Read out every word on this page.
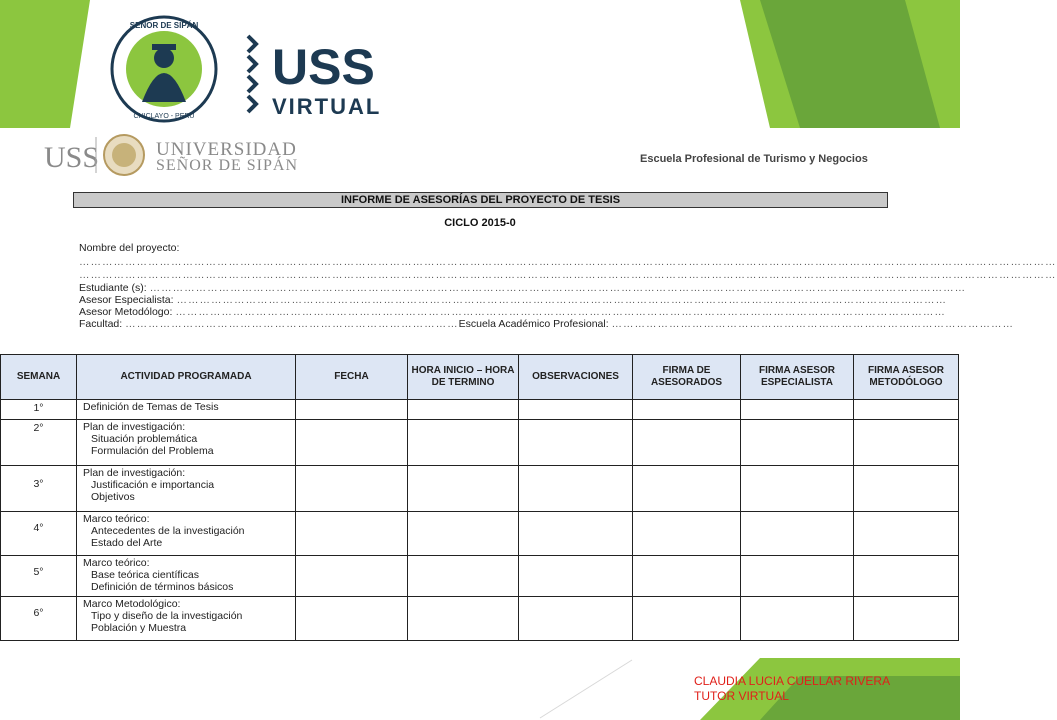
SEÑOR DE SIPÁN
CHICLAYO - PERÚ
USS
VIRTUAL
USS	UNIVERSIDAD
SEÑOR DE SIPÁN	Escuela Profesional de Turismo y Negocios
INFORME DE ASESORÍAS DEL PROYECTO DE TESIS
CICLO 2015-0
Nombre del proyecto:
…………………………………………………………………………………………………………………………………………………………………………………………………………………………………
…………………………………………………………………………………………………………………………………………………………………………………………………………………………………
Estudiante (s): ……………………………………………………………………………………………………………………………………………………………………………………………
Asesor Especialista: …………………………………………………………………………………………………………………………………………………………………………………
Asesor Metodólogo: …………………………………………………………………………………………………………………………………………………………………………………
Facultad: ……………………………………………………………………………Escuela Académico Profesional: ……………………………………………………………………………………………
SEMANA	ACTIVIDAD PROGRAMADA	FECHA	HORA INICIO – HORA DE TERMINO	OBSERVACIONES	FIRMA DE ASESORADOS	FIRMA ASESOR ESPECIALISTA	FIRMA ASESOR METODÓLOGO
1°	Definición de Temas de Tesis						
2°	Plan de investigación:
Situación problemática
Formulación del Problema						

3°	Plan de investigación:
Justificación e importancia
Objetivos						

4°	Marco teórico:
Antecedentes de la investigación
Estado del Arte						

5°	Marco teórico:
Base teórica científicas
Definición de términos básicos						

6°	Marco Metodológico:
Tipo y diseño de la investigación
Población y Muestra						

CLAUDIA LUCIA CUELLAR RIVERA
TUTOR VIRTUAL
